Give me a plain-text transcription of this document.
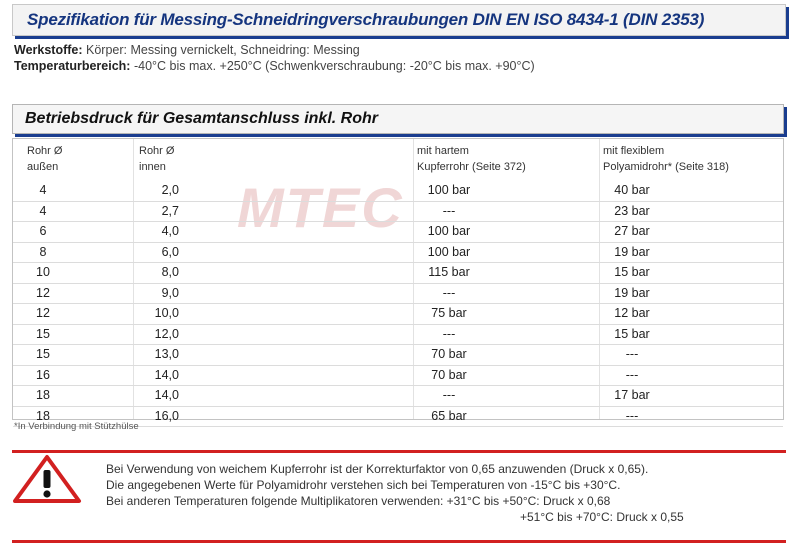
Spezifikation für Messing-Schneidringverschraubungen DIN EN ISO 8434-1 (DIN 2353)
Werkstoffe: Körper: Messing vernickelt, Schneidring: Messing
Temperaturbereich: -40°C bis max. +250°C (Schwenkverschraubung: -20°C bis max. +90°C)
Betriebsdruck für Gesamtanschluss inkl. Rohr
MTEC
Rohr Ø
außen
Rohr Ø
innen
mit hartem
Kupferrohr (Seite 372)
mit flexiblem
Polyamidrohr* (Seite 318)
4	2,0	100 bar	40 bar
4	2,7	---	23 bar
6	4,0	100 bar	27 bar
8	6,0	100 bar	19 bar
10	8,0	115 bar	15 bar
12	9,0	---	19 bar
12	10,0	75 bar	12 bar
15	12,0	---	15 bar
15	13,0	70 bar	---
16	14,0	70 bar	---
18	14,0	---	17 bar
18	16,0	65 bar	---
*In Verbindung mit Stützhülse
Bei Verwendung von weichem Kupferrohr ist der Korrekturfaktor von 0,65 anzuwenden (Druck x 0,65).
Die angegebenen Werte für Polyamidrohr verstehen sich bei Temperaturen von -15°C bis +30°C.
Bei anderen Temperaturen folgende Multiplikatoren verwenden: +31°C bis +50°C: Druck x 0,68
+51°C bis +70°C: Druck x 0,55
